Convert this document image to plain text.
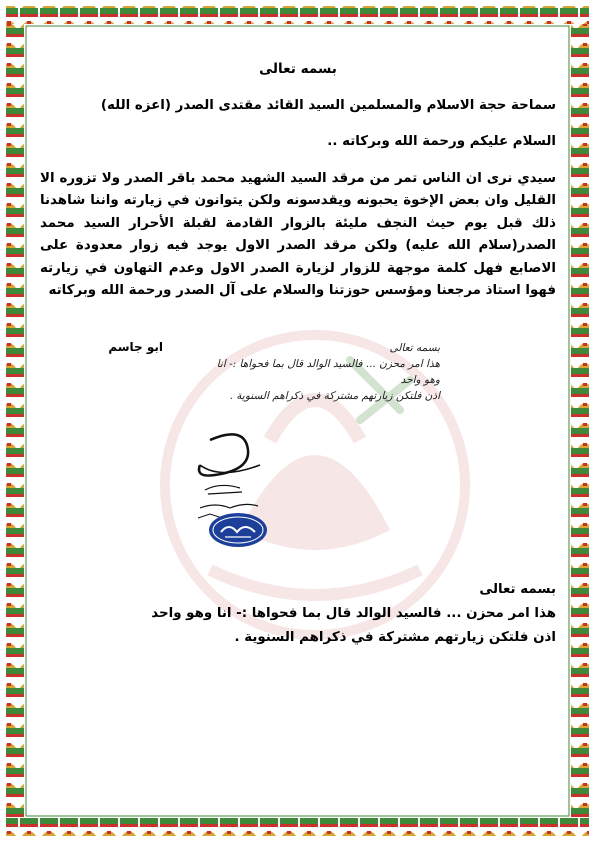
بسمه تعالى
سماحة حجة الاسلام والمسلمين السيد القائد مقتدى الصدر (اعزه الله)
السلام عليكم ورحمة الله وبركاته ..
سيدي نرى ان الناس تمر من مرقد السيد الشهيد محمد باقر الصدر ولا تزوره الا
القليل وان بعض الإخوة يحبونه ويقدسونه ولكن يتوانون في زيارته واننا شاهدنا
ذلك قبل يوم حيث النجف مليئة بالزوار القادمة لقبلة الأحرار السيد محمد
الصدر(سلام الله عليه) ولكن مرقد الصدر الاول يوجد فيه زوار معدودة على
الاصابع فهل كلمة موجهة للزوار لزيارة الصدر الاول وعدم التهاون في زيارته
فهوا استاذ مرجعنا ومؤسس حوزتنا والسلام على آل الصدر ورحمة الله وبركاته
ابو جاسم	بسمه تعالى
هذا امر محزن ... فالسيد الوالد قال بما فحواها :- انا وهو واحد
اذن فلتكن زيارتهم مشتركة في ذكراهم السنوية .
بسمه تعالى
هذا امر محزن ... فالسيد الوالد قال بما فحواها :- انا وهو واحد
اذن فلتكن زيارتهم مشتركة في ذكراهم السنوية .
